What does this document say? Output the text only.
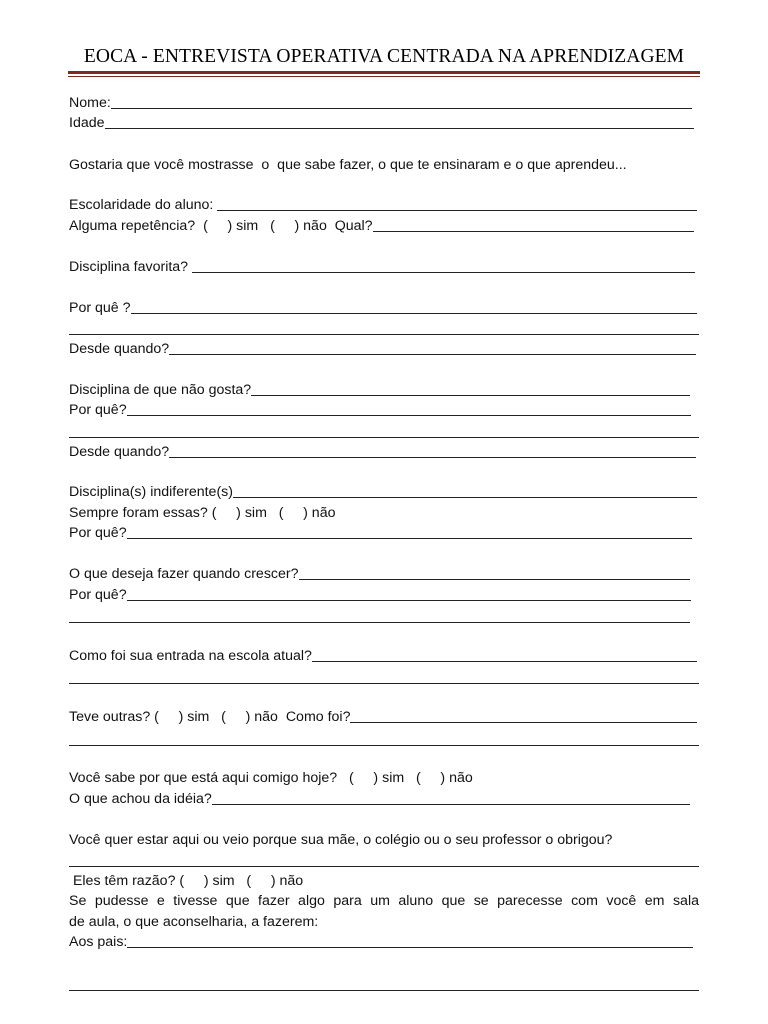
EOCA - ENTREVISTA OPERATIVA CENTRADA NA APRENDIZAGEM
Nome:
Idade
Gostaria que você mostrasse  o  que sabe fazer, o que te ensinaram e o que aprendeu...
Escolaridade do aluno:
Alguma repetência?  (     ) sim   (     ) não  Qual?
Disciplina favorita?
Por quê ?
Desde quando?
Disciplina de que não gosta?
Por quê?
Desde quando?
Disciplina(s) indiferente(s)
Sempre foram essas? (     ) sim   (     ) não
Por quê?
O que deseja fazer quando crescer?
Por quê?
Como foi sua entrada na escola atual?
Teve outras? (     ) sim   (     ) não  Como foi?
Você sabe por que está aqui comigo hoje?   (     ) sim   (     ) não
O que achou da idéia?
Você quer estar aqui ou veio porque sua mãe, o colégio ou o seu professor o obrigou?
Eles têm razão? (     ) sim   (     ) não
Se pudesse e tivesse que fazer algo para um aluno que se parecesse com você em sala
de aula, o que aconselharia, a fazerem:
Aos pais:
